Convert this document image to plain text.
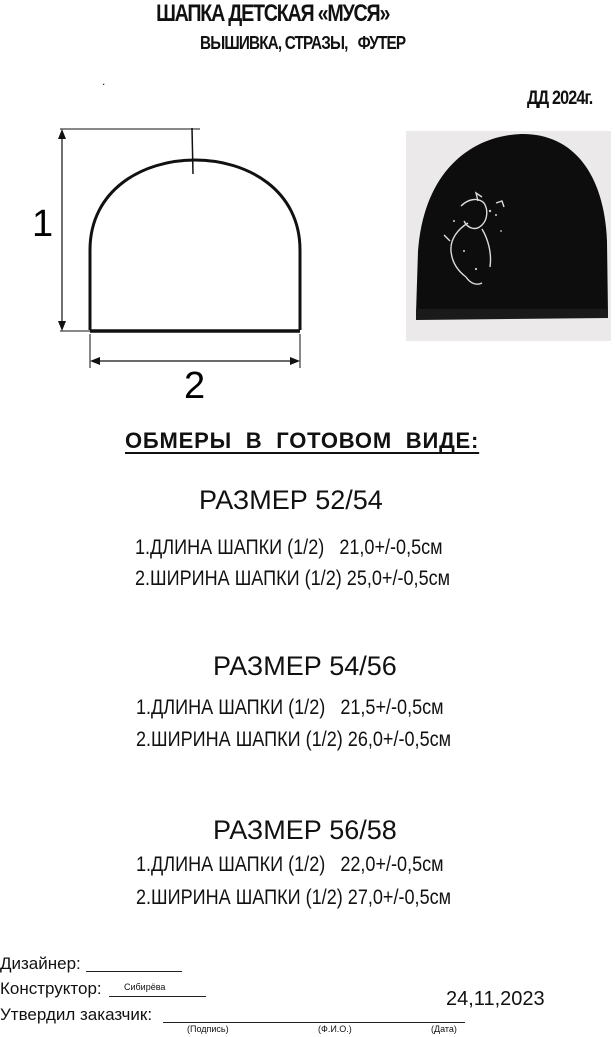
ШАПКА ДЕТСКАЯ «МУСЯ»
ВЫШИВКА, СТРАЗЫ,   ФУТЕР
.
ДД 2024г.
1
2
ОБМЕРЫ  В  ГОТОВОМ  ВИДЕ:
РАЗМЕР 52/54
1.ДЛИНА ШАПКИ (1/2)   21,0+/-0,5см
2.ШИРИНА ШАПКИ (1/2) 25,0+/-0,5см
РАЗМЕР 54/56
1.ДЛИНА ШАПКИ (1/2)   21,5+/-0,5см
2.ШИРИНА ШАПКИ (1/2) 26,0+/-0,5см
РАЗМЕР 56/58
1.ДЛИНА ШАПКИ (1/2)   22,0+/-0,5см
2.ШИРИНА ШАПКИ (1/2) 27,0+/-0,5см
Дизайнер:
Конструктор: Сибирёва
Утвердил заказчик:
(Подпись)	(Ф.И.О.)	(Дата)
24,11,2023
